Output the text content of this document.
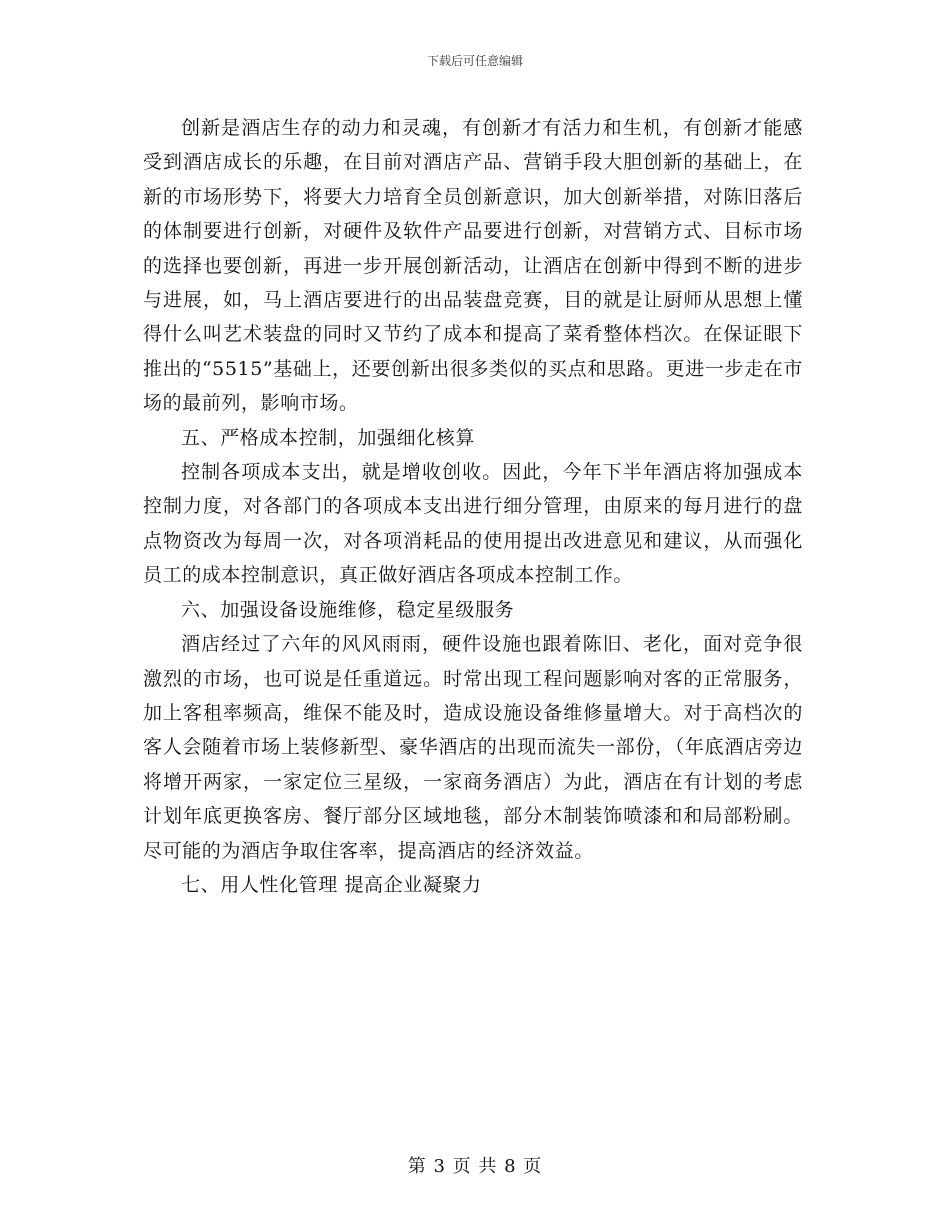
下载后可任意编辑

创新是酒店生存的动力和灵魂，有创新才有活力和生机，有创新才能感受到酒店成长的乐趣，在目前对酒店产品、营销手段大胆创新的基础上，在新的市场形势下，将要大力培育全员创新意识，加大创新举措，对陈旧落后的体制要进行创新，对硬件及软件产品要进行创新，对营销方式、目标市场的选择也要创新，再进一步开展创新活动，让酒店在创新中得到不断的进步与进展，如，马上酒店要进行的出品装盘竞赛，目的就是让厨师从思想上懂得什么叫艺术装盘的同时又节约了成本和提高了菜肴整体档次。在保证眼下推出的“5515”基础上，还要创新出很多类似的买点和思路。更进一步走在市场的最前列，影响市场。

五、严格成本控制，加强细化核算

控制各项成本支出，就是增收创收。因此，今年下半年酒店将加强成本控制力度，对各部门的各项成本支出进行细分管理，由原来的每月进行的盘点物资改为每周一次，对各项消耗品的使用提出改进意见和建议，从而强化员工的成本控制意识，真正做好酒店各项成本控制工作。

六、加强设备设施维修，稳定星级服务

酒店经过了六年的风风雨雨，硬件设施也跟着陈旧、老化，面对竞争很激烈的市场，也可说是任重道远。时常出现工程问题影响对客的正常服务，加上客租率频高，维保不能及时，造成设施设备维修量增大。对于高档次的客人会随着市场上装修新型、豪华酒店的出现而流失一部份，（年底酒店旁边将增开两家，一家定位三星级，一家商务酒店）为此，酒店在有计划的考虑计划年底更换客房、餐厅部分区域地毯，部分木制装饰喷漆和和局部粉刷。尽可能的为酒店争取住客率，提高酒店的经济效益。

七、用人性化管理 提高企业凝聚力

第 3 页 共 8 页
